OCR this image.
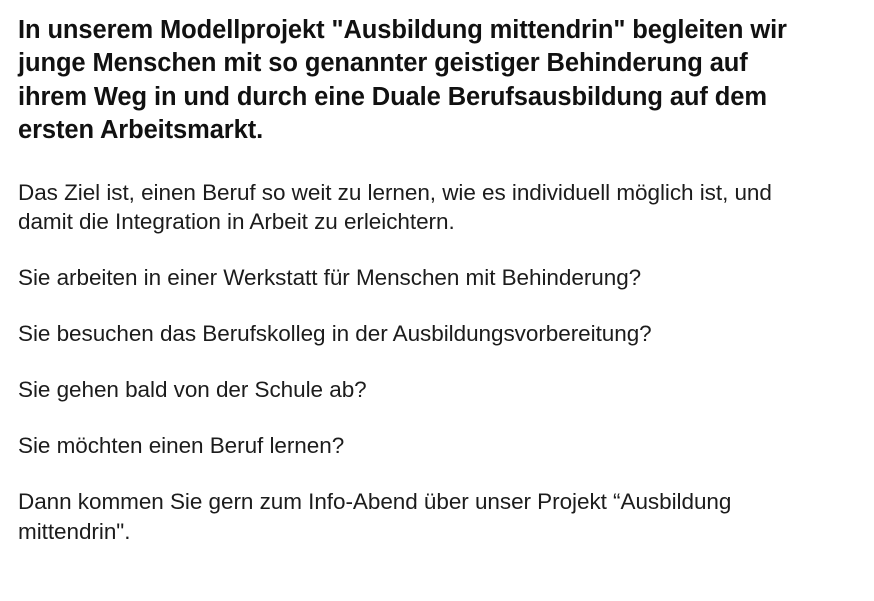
In unserem Modellprojekt "Ausbildung mittendrin" begleiten wir junge Menschen mit so genannter geistiger Behinderung auf ihrem Weg in und durch eine Duale Berufsausbildung auf dem ersten Arbeitsmarkt.

Das Ziel ist, einen Beruf so weit zu lernen, wie es individuell möglich ist, und damit die Integration in Arbeit zu erleichtern.

Sie arbeiten in einer Werkstatt für Menschen mit Behinderung?

Sie besuchen das Berufskolleg in der Ausbildungsvorbereitung?

Sie gehen bald von der Schule ab?

Sie möchten einen Beruf lernen?

Dann kommen Sie gern zum Info-Abend über unser Projekt “Ausbildung mittendrin".
